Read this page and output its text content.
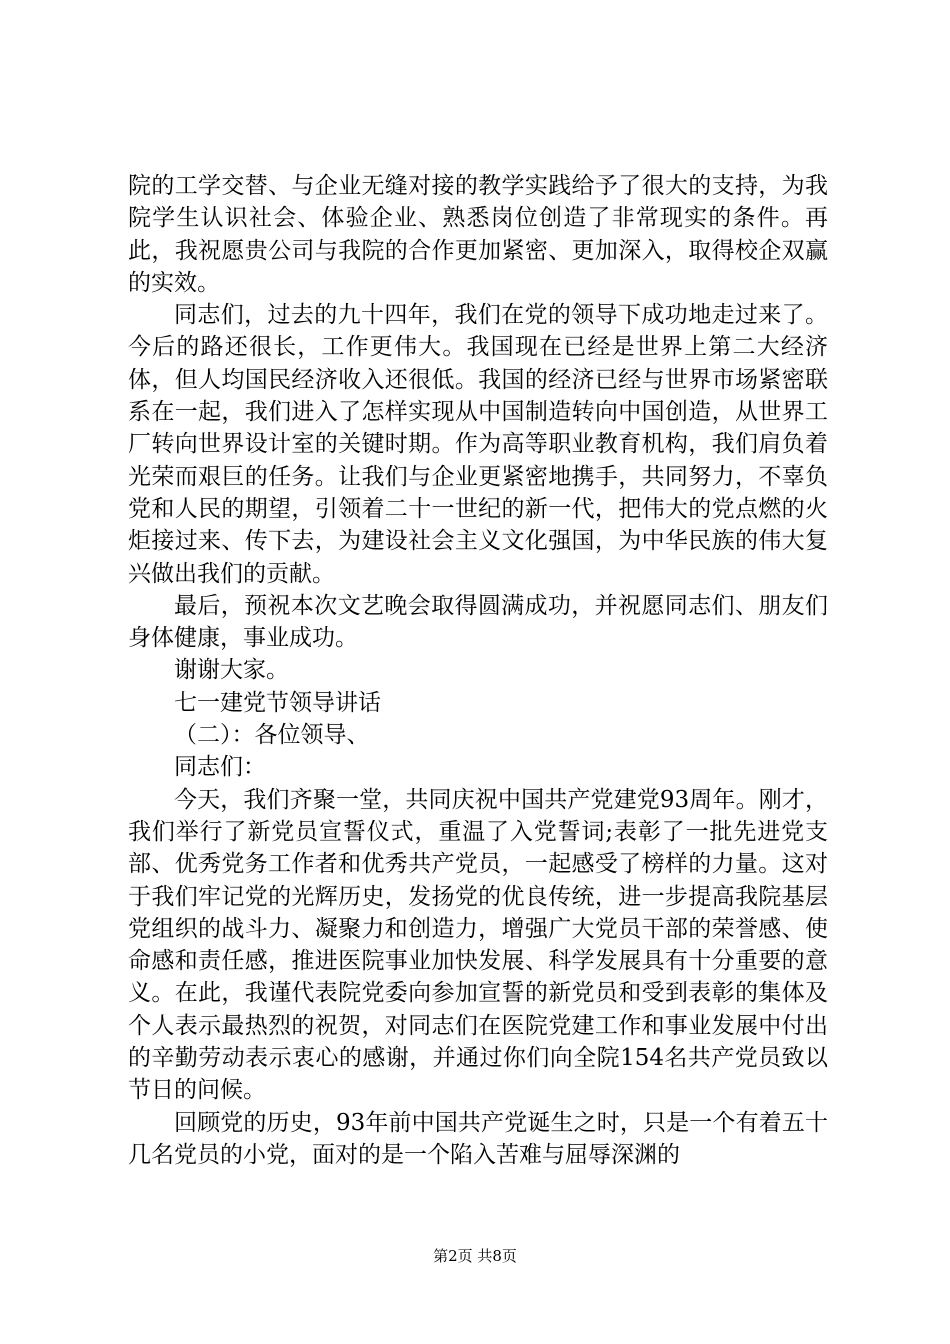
院的工学交替、与企业无缝对接的教学实践给予了很大的支持，为我院学生认识社会、体验企业、熟悉岗位创造了非常现实的条件。再此，我祝愿贵公司与我院的合作更加紧密、更加深入，取得校企双赢的实效。

同志们，过去的九十四年，我们在党的领导下成功地走过来了。今后的路还很长，工作更伟大。我国现在已经是世界上第二大经济体，但人均国民经济收入还很低。我国的经济已经与世界市场紧密联系在一起，我们进入了怎样实现从中国制造转向中国创造，从世界工厂转向世界设计室的关键时期。作为高等职业教育机构，我们肩负着光荣而艰巨的任务。让我们与企业更紧密地携手，共同努力，不辜负党和人民的期望，引领着二十一世纪的新一代，把伟大的党点燃的火炬接过来、传下去，为建设社会主义文化强国，为中华民族的伟大复兴做出我们的贡献。

最后，预祝本次文艺晚会取得圆满成功，并祝愿同志们、朋友们身体健康，事业成功。

谢谢大家。

七一建党节领导讲话

（二）：各位领导、

同志们：

今天，我们齐聚一堂，共同庆祝中国共产党建党93周年。刚才，我们举行了新党员宣誓仪式，重温了入党誓词;表彰了一批先进党支部、优秀党务工作者和优秀共产党员，一起感受了榜样的力量。这对于我们牢记党的光辉历史，发扬党的优良传统，进一步提高我院基层党组织的战斗力、凝聚力和创造力，增强广大党员干部的荣誉感、使命感和责任感，推进医院事业加快发展、科学发展具有十分重要的意义。在此，我谨代表院党委向参加宣誓的新党员和受到表彰的集体及个人表示最热烈的祝贺，对同志们在医院党建工作和事业发展中付出的辛勤劳动表示衷心的感谢，并通过你们向全院154名共产党员致以节日的问候。

回顾党的历史，93年前中国共产党诞生之时，只是一个有着五十几名党员的小党，面对的是一个陷入苦难与屈辱深渊的

第2页 共8页
